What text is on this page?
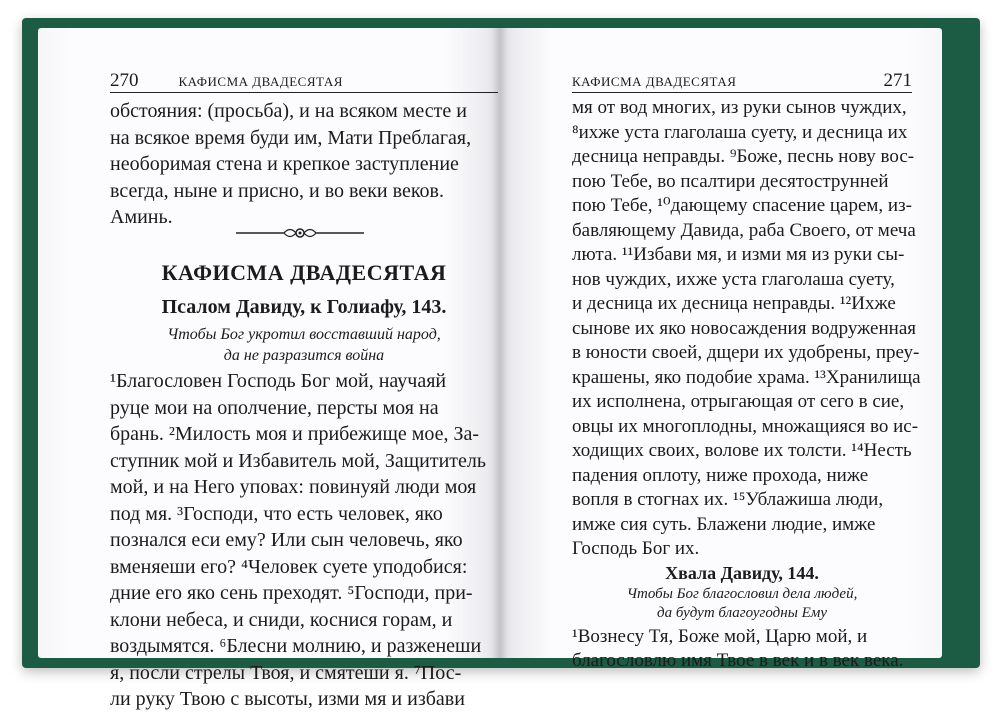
270	КАФИСМА ДВАДЕСЯТАЯ
обстояния: (просьба), и на всяком месте и
на всякое время буди им, Мати Преблагая,
необоримая стена и крепкое заступление
всегда, ныне и присно, и во веки веков.
Аминь.
КАФИСМА ДВАДЕСЯТАЯ
Псалом Давиду, к Голиафу, 143.
Чтобы Бог укротил восставший народ,
да не разразится война
¹Благословен Господь Бог мой, научаяй
руце мои на ополчение, персты моя на
брань. ²Милость моя и прибежище мое, За-
ступник мой и Избавитель мой, Защититель
мой, и на Него уповах: повинуяй люди моя
под мя. ³Господи, что есть человек, яко
познался еси ему? Или сын человечь, яко
вменяеши его? ⁴Человек суете уподобися:
дние его яко сень преходят. ⁵Господи, при-
клони небеса, и сниди, коснися горам, и
воздымятся. ⁶Блесни молнию, и разженеши
я, посли стрелы Твоя, и смятеши я. ⁷Пос-
ли руку Твою с высоты, изми мя и избави
КАФИСМА ДВАДЕСЯТАЯ	271
мя от вод многих, из руки сынов чуждих,
⁸ихже уста глаголаша суету, и десница их
десница неправды. ⁹Боже, песнь нову вос-
пою Тебе, во псалтири десятострунней
пою Тебе, ¹⁰дающему спасение царем, из-
бавляющему Давида, раба Своего, от меча
люта. ¹¹Избави мя, и изми мя из руки сы-
нов чуждих, ихже уста глаголаша суету,
и десница их десница неправды. ¹²Ихже
сынове их яко новосаждения водруженная
в юности своей, дщери их удобрены, преу-
крашены, яко подобие храма. ¹³Хранилища
их исполнена, отрыгающая от сего в сие,
овцы их многоплодны, множащияся во ис-
ходищих своих, волове их толсти. ¹⁴Несть
падения оплоту, ниже прохода, ниже
вопля в стогнах их. ¹⁵Ублажиша люди,
имже сия суть. Блажени людие, имже
Господь Бог их.
Хвала Давиду, 144.
Чтобы Бог благословил дела людей,
да будут благоугодны Ему
¹Вознесу Тя, Боже мой, Царю мой, и
благословлю имя Твое в век и в век века.
